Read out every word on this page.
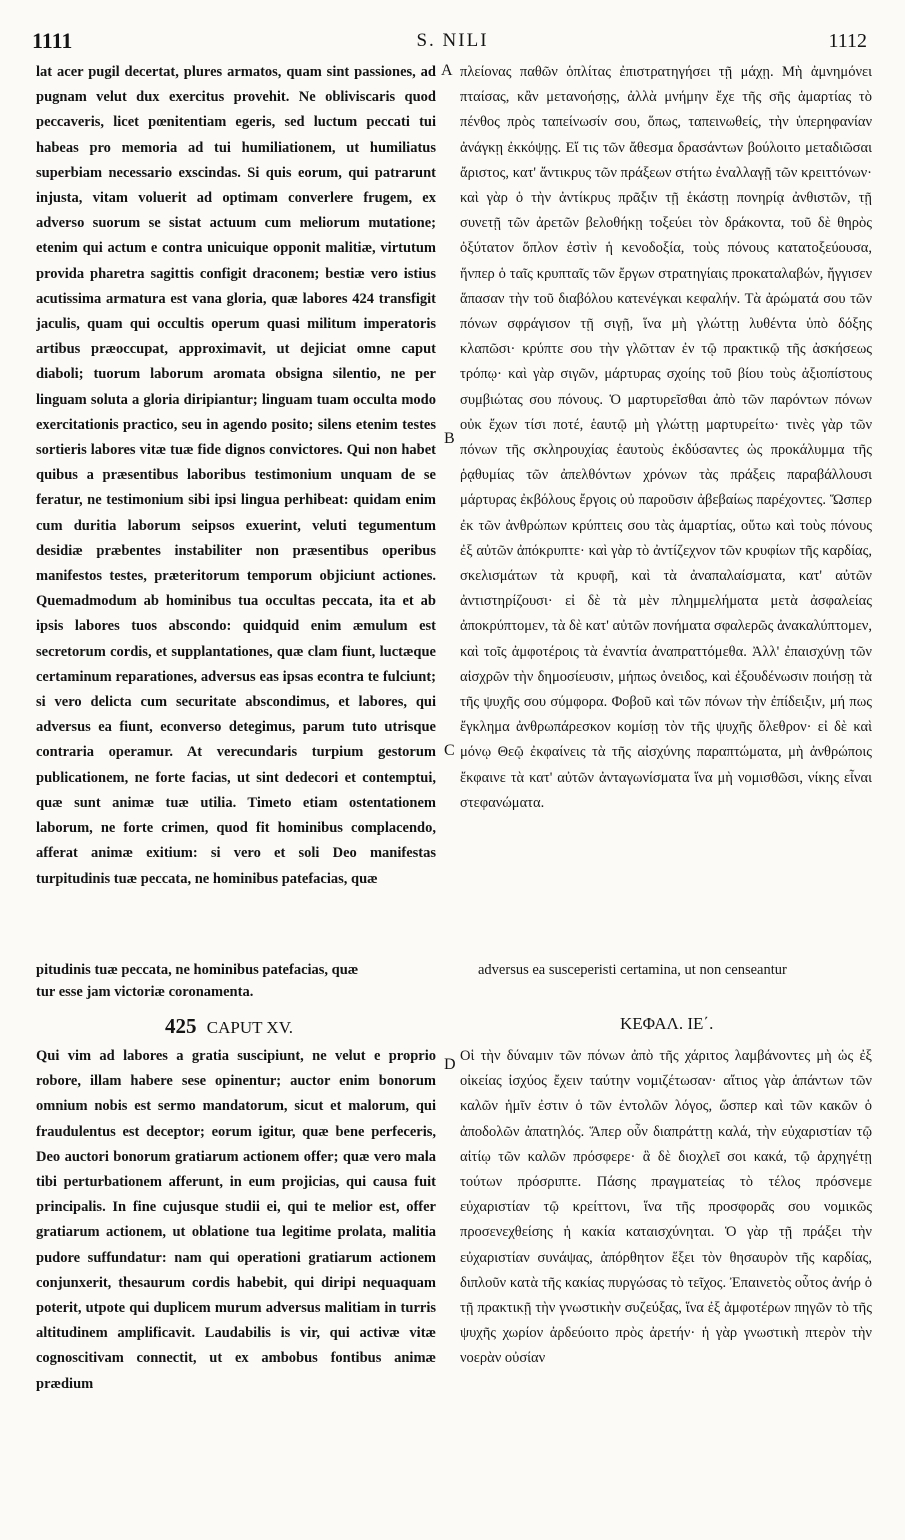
1111	S. NILI	1112
A
B
C
D
lat acer pugil decertat, plures armatos, quam sint passiones, ad pugnam velut dux exercitus provehit. Ne obliviscaris quod peccaveris, licet pœnitentiam egeris, sed luctum peccati tui habeas pro memoria ad tui humiliationem, ut humiliatus superbiam necessario exscindas. Si quis eorum, qui patrarunt injusta, vitam voluerit ad optimam converlere frugem, ex adverso suorum se sistat actuum cum meliorum mutatione; etenim qui actum e contra unicuique opponit malitiæ, virtutum provida pharetra sagittis configit draconem; bestiæ vero istius acutissima armatura est vana gloria, quæ labores 424 transfigit jaculis, quam qui occultis operum quasi militum imperatoris artibus præoccupat, approximavit, ut dejiciat omne caput diaboli; tuorum laborum aromata obsigna silentio, ne per linguam soluta a gloria diripiantur; linguam tuam occulta modo exercitationis practico, seu in agendo posito; silens etenim testes sortieris labores vitæ tuæ fide dignos convictores. Qui non habet quibus a præsentibus laboribus testimonium unquam de se feratur, ne testimonium sibi ipsi lingua perhibeat: quidam enim cum duritia laborum seipsos exuerint, veluti tegumentum desidiæ præbentes instabiliter non præsentibus operibus manifestos testes, præteritorum temporum objiciunt actiones. Quemadmodum ab hominibus tua occultas peccata, ita et ab ipsis labores tuos abscondo: quidquid enim æmulum est secretorum cordis, et supplantationes, quæ clam fiunt, luctæque certaminum reparationes, adversus eas ipsas econtra te fulciunt; si vero delicta cum securitate abscondimus, et labores, qui adversus ea fiunt, econverso detegimus, parum tuto utrisque contraria operamur. At verecundaris turpium gestorum publicationem, ne forte facias, ut sint dedecori et contemptui, quæ sunt animæ tuæ utilia. Timeto etiam ostentationem laborum, ne forte crimen, quod fit hominibus complacendo, afferat animæ exitium: si vero et soli Deo manifestas turpitudinis tuæ peccata, ne hominibus patefacias, quæ
πλείονας παθῶν ὁπλίτας ἐπιστρατηγήσει τῇ μάχῃ. Μὴ ἀμνημόνει πταίσας, κἂν μετανοήσῃς, ἀλλὰ μνήμην ἔχε τῆς σῆς ἁμαρτίας τὸ πένθος πρὸς ταπείνωσίν σου, ὅπως, ταπεινωθείς, τὴν ὑπερηφανίαν ἀνάγκῃ ἐκκόψῃς. Εἴ τις τῶν ἄθεσμα δρασάντων βούλοιτο μεταδιῶσαι ἄριστος, κατ' ἄντικρυς τῶν πράξεων στήτω ἐναλλαγῇ τῶν κρειττόνων· καὶ γὰρ ὁ τὴν ἀντίκρυς πρᾶξιν τῇ ἑκάστῃ πονηρίᾳ ἀνθιστῶν, τῇ συνετῇ τῶν ἀρετῶν βελοθήκῃ τοξεύει τὸν δράκοντα, τοῦ δὲ θηρὸς ὀξύτατον ὅπλον ἐστὶν ἡ κενοδοξία, τοὺς πόνους κατατοξεύουσα, ἥνπερ ὁ ταῖς κρυπταῖς τῶν ἔργων στρατηγίαις προκαταλαβών, ἤγγισεν ἅπασαν τὴν τοῦ διαβόλου κατενέγκαι κεφαλήν. Τὰ ἀρώματά σου τῶν πόνων σφράγισον τῇ σιγῇ, ἵνα μὴ γλώττῃ λυθέντα ὑπὸ δόξης κλαπῶσι· κρύπτε σου τὴν γλῶτταν ἐν τῷ πρακτικῷ τῆς ἀσκήσεως τρόπῳ· καὶ γὰρ σιγῶν, μάρτυρας σχοίης τοῦ βίου τοὺς ἀξιοπίστους συμβιώτας σου πόνους. Ὁ μαρτυρεῖσθαι ἀπὸ τῶν παρόντων πόνων οὐκ ἔχων τίσι ποτέ, ἑαυτῷ μὴ γλώττῃ μαρτυρείτω· τινὲς γὰρ τῶν πόνων τῆς σκληρουχίας ἑαυτοὺς ἐκδύσαντες ὡς προκάλυμμα τῆς ῥᾳθυμίας τῶν ἀπελθόντων χρόνων τὰς πράξεις παραβάλλουσι μάρτυρας ἐκβόλους ἔργοις οὐ παροῦσιν ἀβεβαίως παρέχοντες. Ὥσπερ ἐκ τῶν ἀνθρώπων κρύπτεις σου τὰς ἁμαρτίας, οὕτω καὶ τοὺς πόνους ἐξ αὐτῶν ἀπόκρυπτε· καὶ γὰρ τὸ ἀντίζεχνον τῶν κρυφίων τῆς καρδίας, σκελισμάτων τὰ κρυφῆ, καὶ τὰ ἀναπαλαίσματα, κατ' αὐτῶν ἀντιστηρίζουσι· εἰ δὲ τὰ μὲν πλημμελήματα μετὰ ἀσφαλείας ἀποκρύπτομεν, τὰ δὲ κατ' αὐτῶν πονήματα σφαλερῶς ἀνακαλύπτομεν, καὶ τοῖς ἀμφοτέροις τὰ ἐναντία ἀναπραττόμεθα. Ἀλλ' ἐπαισχύνῃ τῶν αἰσχρῶν τὴν δημοσίευσιν, μήπως ὀνειδος, καὶ ἐξουδένωσιν ποιήσῃ τὰ τῆς ψυχῆς σου σύμφορα. Φοβοῦ καὶ τῶν πόνων τὴν ἐπίδειξιν, μή πως ἔγκλημα ἀνθρωπάρεσκον κομίσῃ τὸν τῆς ψυχῆς ὄλεθρον· εἰ δὲ καὶ μόνῳ Θεῷ ἐκφαίνεις τὰ τῆς αἰσχύνης παραπτώματα, μὴ ἀνθρώποις ἔκφαινε τὰ κατ' αὐτῶν ἀνταγωνίσματα ἵνα μὴ νομισθῶσι, νίκης εἶναι στεφανώματα.
pitudinis tuæ peccata, ne hominibus patefacias, quæ	adversus ea susceperisti certamina, ut non censeantur
tur esse jam victoriæ coronamenta.
425 CAPUT XV.	ΚΕΦΑΛ. ΙΕ΄.
Qui vim ad labores a gratia suscipiunt, ne velut e proprio robore, illam habere sese opinentur; auctor enim bonorum omnium nobis est sermo mandatorum, sicut et malorum, qui fraudulentus est deceptor; eorum igitur, quæ bene perfeceris, Deo auctori bonorum gratiarum actionem offer; quæ vero mala tibi perturbationem afferunt, in eum projicias, qui causa fuit principalis. In fine cujusque studii ei, qui te melior est, offer gratiarum actionem, ut oblatione tua legitime prolata, malitia pudore suffundatur: nam qui operationi gratiarum actionem conjunxerit, thesaurum cordis habebit, qui diripi nequaquam poterit, utpote qui duplicem murum adversus malitiam in turris altitudinem amplificavit. Laudabilis is vir, qui activæ vitæ cognoscitivam connectit, ut ex ambobus fontibus animæ prædium
Οἱ τὴν δύναμιν τῶν πόνων ἀπὸ τῆς χάριτος λαμβάνοντες μὴ ὡς ἐξ οἰκείας ἰσχύος ἔχειν ταύτην νομιζέτωσαν· αἴτιος γὰρ ἁπάντων τῶν καλῶν ἡμῖν ἐστιν ὁ τῶν ἐντολῶν λόγος, ὥσπερ καὶ τῶν κακῶν ὁ ἀποδολῶν ἀπατηλός. Ἅπερ οὖν διαπράττῃ καλά, τὴν εὐχαριστίαν τῷ αἰτίῳ τῶν καλῶν πρόσφερε· ἃ δὲ διοχλεῖ σοι κακά, τῷ ἀρχηγέτῃ τούτων πρόσριπτε. Πάσης πραγματείας τὸ τέλος πρόσνεμε εὐχαριστίαν τῷ κρείττονι, ἵνα τῆς προσφορᾶς σου νομικῶς προσενεχθείσης ἡ κακία καταισχύνηται. Ὁ γὰρ τῇ πράξει τὴν εὐχαριστίαν συνάψας, ἀπόρθητον ἕξει τὸν θησαυρὸν τῆς καρδίας, διπλοῦν κατὰ τῆς κακίας πυργώσας τὸ τεῖχος. Ἐπαινετὸς οὗτος ἀνήρ ὁ τῇ πρακτικῇ τὴν γνωστικὴν συζεύξας, ἵνα ἐξ ἀμφοτέρων πηγῶν τὸ τῆς ψυχῆς χωρίον ἀρδεύοιτο πρὸς ἀρετήν· ἡ γὰρ γνωστικὴ πτερὸν τὴν νοερὰν οὐσίαν
